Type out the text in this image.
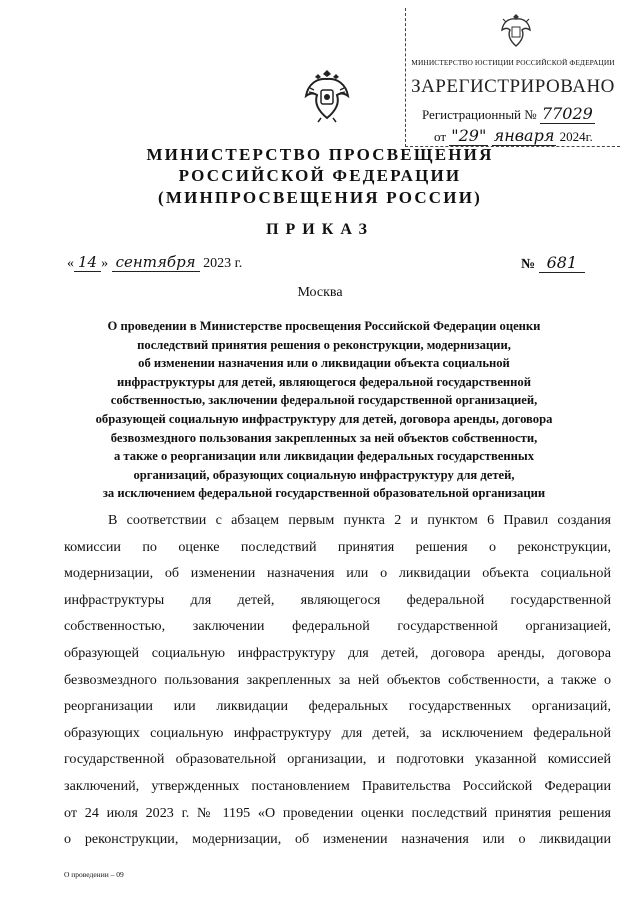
МИНИСТЕРСТВО ЮСТИЦИИ РОССИЙСКОЙ ФЕДЕРАЦИИ
ЗАРЕГИСТРИРОВАНО
Регистрационный № 77029
от "29" января 2024г.
МИНИСТЕРСТВО ПРОСВЕЩЕНИЯ
РОССИЙСКОЙ ФЕДЕРАЦИИ
(МИНПРОСВЕЩЕНИЯ РОССИИ)
ПРИКАЗ
« 14 » сентября 2023 г.	№ 681
Москва
О проведении в Министерстве просвещения Российской Федерации оценки
последствий принятия решения о реконструкции, модернизации,
об изменении назначения или о ликвидации объекта социальной
инфраструктуры для детей, являющегося федеральной государственной
собственностью, заключении федеральной государственной организацией,
образующей социальную инфраструктуру для детей, договора аренды, договора
безвозмездного пользования закрепленных за ней объектов собственности,
а также о реорганизации или ликвидации федеральных государственных
организаций, образующих социальную инфраструктуру для детей,
за исключением федеральной государственной образовательной организации
В соответствии с абзацем первым пункта 2 и пунктом 6 Правил создания
комиссии по оценке последствий принятия решения о реконструкции,
модернизации, об изменении назначения или о ликвидации объекта социальной
инфраструктуры для детей, являющегося федеральной государственной
собственностью, заключении федеральной государственной организацией,
образующей социальную инфраструктуру для детей, договора аренды, договора
безвозмездного пользования закрепленных за ней объектов собственности, а также о
реорганизации или ликвидации федеральных государственных организаций,
образующих социальную инфраструктуру для детей, за исключением федеральной
государственной образовательной организации, и подготовки указанной комиссией
заключений, утвержденных постановлением Правительства Российской Федерации
от 24 июля 2023 г. № 1195 «О проведении оценки последствий принятия решения
о реконструкции, модернизации, об изменении назначения или о ликвидации
О проведении – 09
